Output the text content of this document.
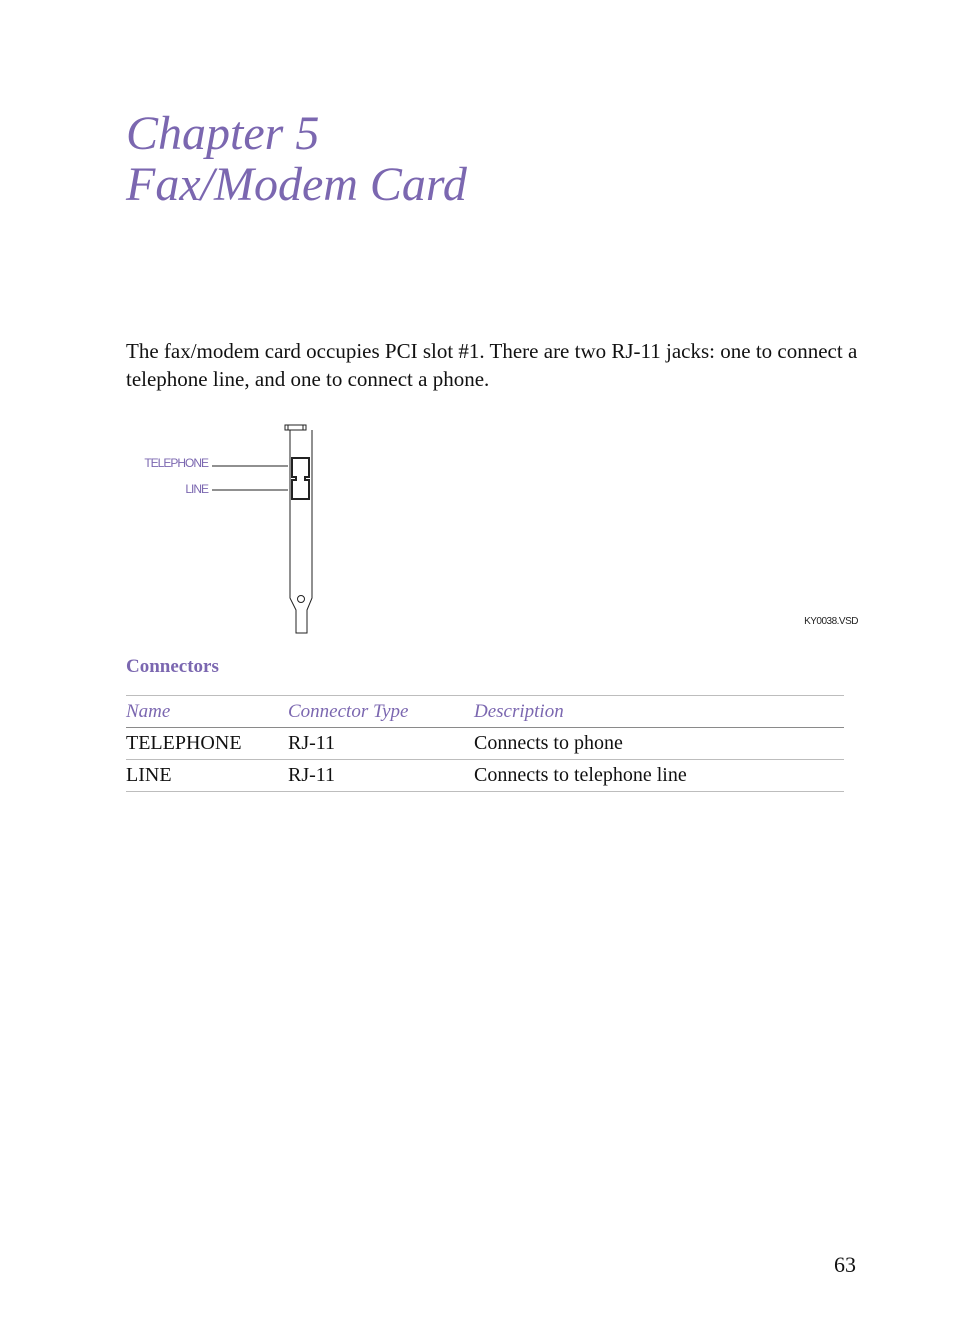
Chapter 5
Fax/Modem Card

The fax/modem card occupies PCI slot #1. There are two RJ-11 jacks: one to connect a telephone line, and one to connect a phone.

TELEPHONE
LINE
KY0038.VSD
Connectors
Name	Connector Type	Description
TELEPHONE	RJ-11	Connects to phone
LINE	RJ-11	Connects to telephone line
63
